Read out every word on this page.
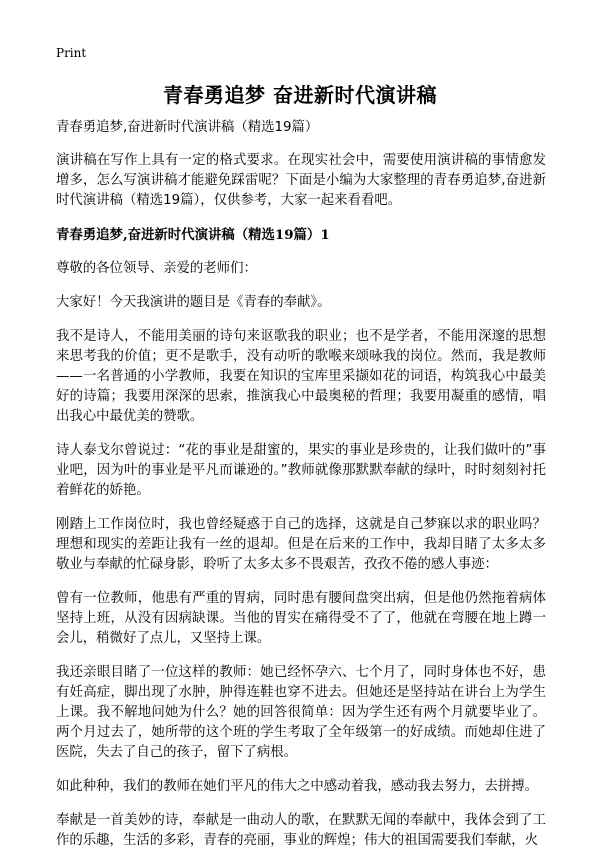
Print
青春勇追梦 奋进新时代演讲稿

青春勇追梦,奋进新时代演讲稿（精选19篇）

演讲稿在写作上具有一定的格式要求。在现实社会中，需要使用演讲稿的事情愈发增多，怎么写演讲稿才能避免踩雷呢？下面是小编为大家整理的青春勇追梦,奋进新时代演讲稿（精选19篇），仅供参考，大家一起来看看吧。

青春勇追梦,奋进新时代演讲稿（精选19篇）1

尊敬的各位领导、亲爱的老师们：

大家好！今天我演讲的题目是《青春的奉献》。

我不是诗人，不能用美丽的诗句来讴歌我的职业；也不是学者，不能用深邃的思想来思考我的价值；更不是歌手，没有动听的歌喉来颂咏我的岗位。然而，我是教师——一名普通的小学教师，我要在知识的宝库里采撷如花的词语，构筑我心中最美好的诗篇；我要用深深的思索，推演我心中最奥秘的哲理；我要用凝重的感情，唱出我心中最优美的赞歌。

诗人泰戈尔曾说过：“花的事业是甜蜜的，果实的事业是珍贵的，让我们做叶的”事业吧，因为叶的事业是平凡而谦逊的。”教师就像那默默奉献的绿叶，时时刻刻衬托着鲜花的娇艳。

刚踏上工作岗位时，我也曾经疑惑于自己的选择，这就是自己梦寐以求的职业吗？理想和现实的差距让我有一丝的退却。但是在后来的工作中，我却目睹了太多太多敬业与奉献的忙碌身影，聆听了太多太多不畏艰苦，孜孜不倦的感人事迹：

曾有一位教师，他患有严重的胃病，同时患有腰间盘突出病，但是他仍然拖着病体坚持上班，从没有因病缺课。当他的胃实在痛得受不了了，他就在弯腰在地上蹲一会儿，稍微好了点儿，又坚持上课。

我还亲眼目睹了一位这样的教师：她已经怀孕六、七个月了，同时身体也不好，患有妊高症，脚出现了水肿，肿得连鞋也穿不进去。但她还是坚持站在讲台上为学生上课。我不解地问她为什么？她的回答很简单：因为学生还有两个月就要毕业了。两个月过去了，她所带的这个班的学生考取了全年级第一的好成绩。而她却住进了医院，失去了自己的孩子，留下了病根。

如此种种，我们的教师在她们平凡的伟大之中感动着我，感动我去努力，去拼搏。

奉献是一首美妙的诗，奉献是一曲动人的歌，在默默无闻的奉献中，我体会到了工作的乐趣，生活的多彩，青春的亮丽，事业的辉煌；伟大的祖国需要我们奉献，火
